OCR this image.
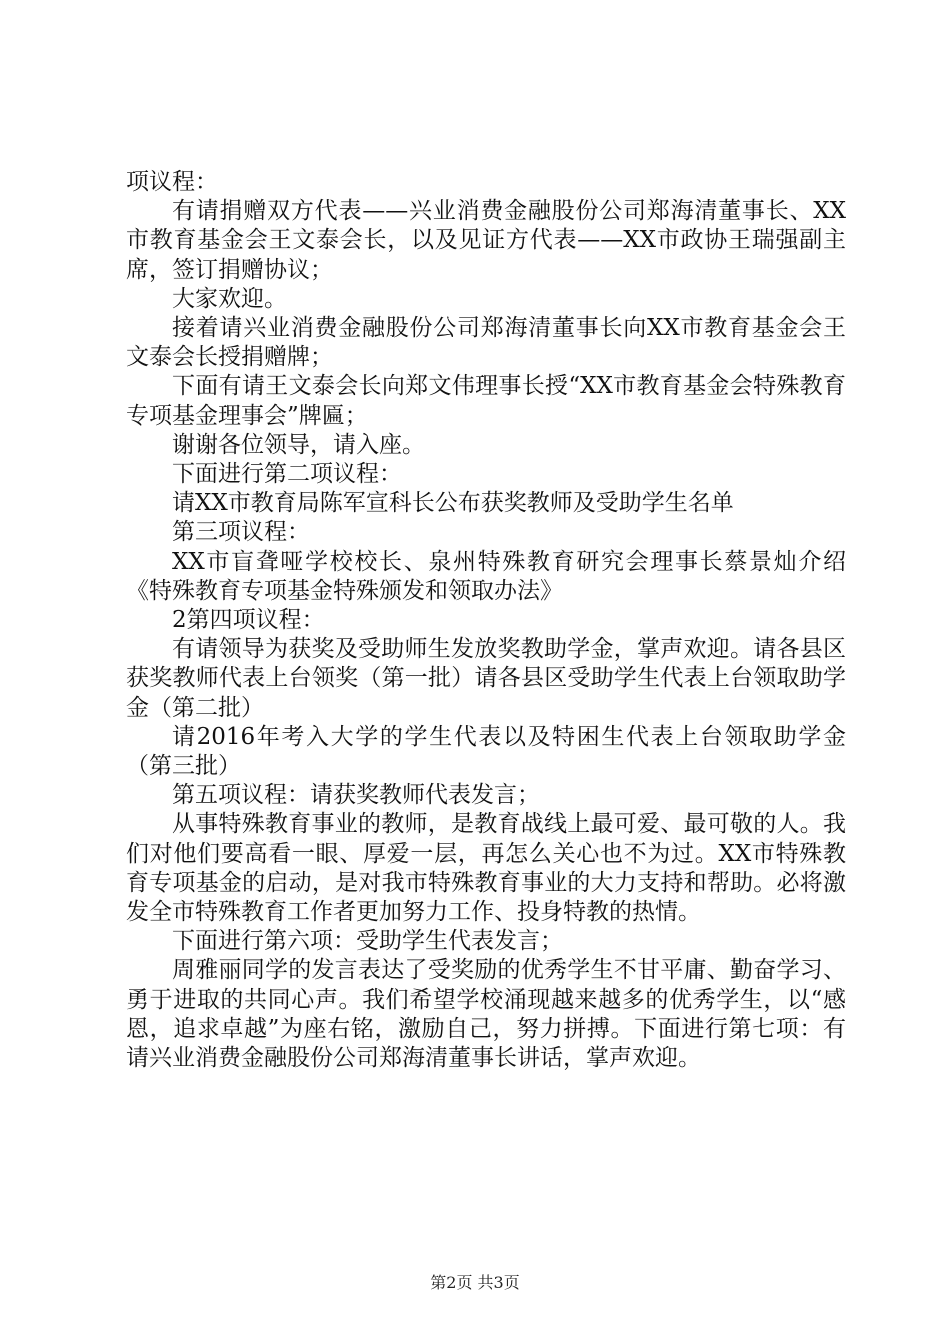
项议程：

有请捐赠双方代表——兴业消费金融股份公司郑海清董事长、XX市教育基金会王文泰会长，以及见证方代表——XX市政协王瑞强副主席，签订捐赠协议；

大家欢迎。

接着请兴业消费金融股份公司郑海清董事长向XX市教育基金会王文泰会长授捐赠牌；

下面有请王文泰会长向郑文伟理事长授“XX市教育基金会特殊教育专项基金理事会”牌匾；

谢谢各位领导，请入座。

下面进行第二项议程：

请XX市教育局陈军宣科长公布获奖教师及受助学生名单

第三项议程：

XX市盲聋哑学校校长、泉州特殊教育研究会理事长蔡景灿介绍《特殊教育专项基金特殊颁发和领取办法》

2第四项议程：

有请领导为获奖及受助师生发放奖教助学金，掌声欢迎。请各县区获奖教师代表上台领奖（第一批）请各县区受助学生代表上台领取助学金（第二批）

请2016年考入大学的学生代表以及特困生代表上台领取助学金（第三批）

第五项议程：请获奖教师代表发言；

从事特殊教育事业的教师，是教育战线上最可爱、最可敬的人。我们对他们要高看一眼、厚爱一层，再怎么关心也不为过。XX市特殊教育专项基金的启动，是对我市特殊教育事业的大力支持和帮助。必将激发全市特殊教育工作者更加努力工作、投身特教的热情。

下面进行第六项：受助学生代表发言；

周雅丽同学的发言表达了受奖励的优秀学生不甘平庸、勤奋学习、勇于进取的共同心声。我们希望学校涌现越来越多的优秀学生，以“感恩，追求卓越”为座右铭，激励自己，努力拼搏。下面进行第七项：有请兴业消费金融股份公司郑海清董事长讲话，掌声欢迎。

第2页 共3页
